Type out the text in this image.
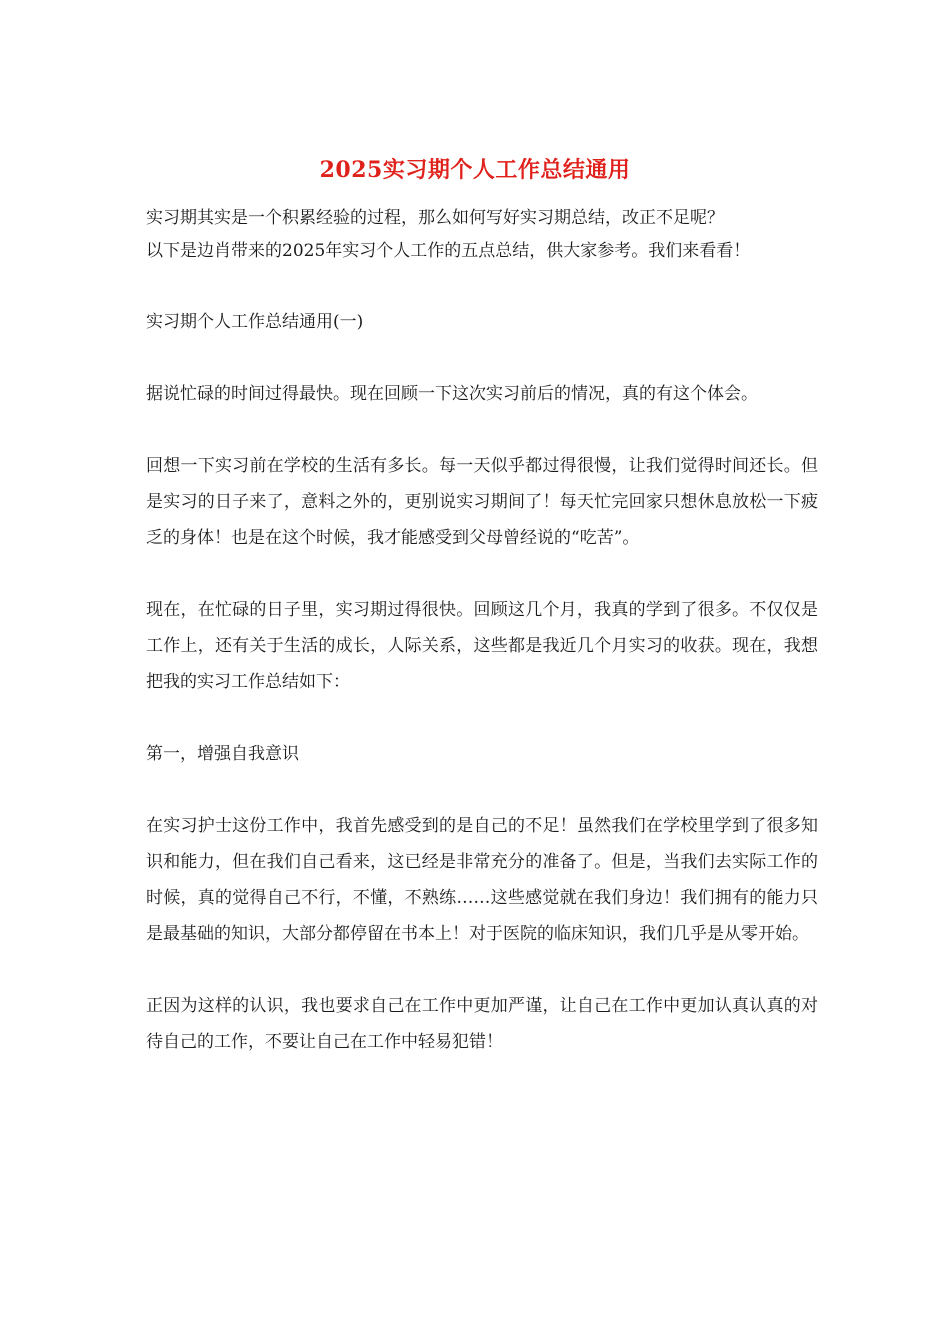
2025实习期个人工作总结通用

实习期其实是一个积累经验的过程，那么如何写好实习期总结，改正不足呢？
以下是边肖带来的2025年实习个人工作的五点总结，供大家参考。我们来看看！

实习期个人工作总结通用(一)

据说忙碌的时间过得最快。现在回顾一下这次实习前后的情况，真的有这个体会。

回想一下实习前在学校的生活有多长。每一天似乎都过得很慢，让我们觉得时间还长。但是实习的日子来了，意料之外的，更别说实习期间了！每天忙完回家只想休息放松一下疲乏的身体！也是在这个时候，我才能感受到父母曾经说的“吃苦”。

现在，在忙碌的日子里，实习期过得很快。回顾这几个月，我真的学到了很多。不仅仅是工作上，还有关于生活的成长，人际关系，这些都是我近几个月实习的收获。现在，我想把我的实习工作总结如下：

第一，增强自我意识

在实习护士这份工作中，我首先感受到的是自己的不足！虽然我们在学校里学到了很多知识和能力，但在我们自己看来，这已经是非常充分的准备了。但是，当我们去实际工作的时候，真的觉得自己不行，不懂，不熟练……这些感觉就在我们身边！我们拥有的能力只是最基础的知识，大部分都停留在书本上！对于医院的临床知识，我们几乎是从零开始。

正因为这样的认识，我也要求自己在工作中更加严谨，让自己在工作中更加认真认真的对待自己的工作，不要让自己在工作中轻易犯错！
